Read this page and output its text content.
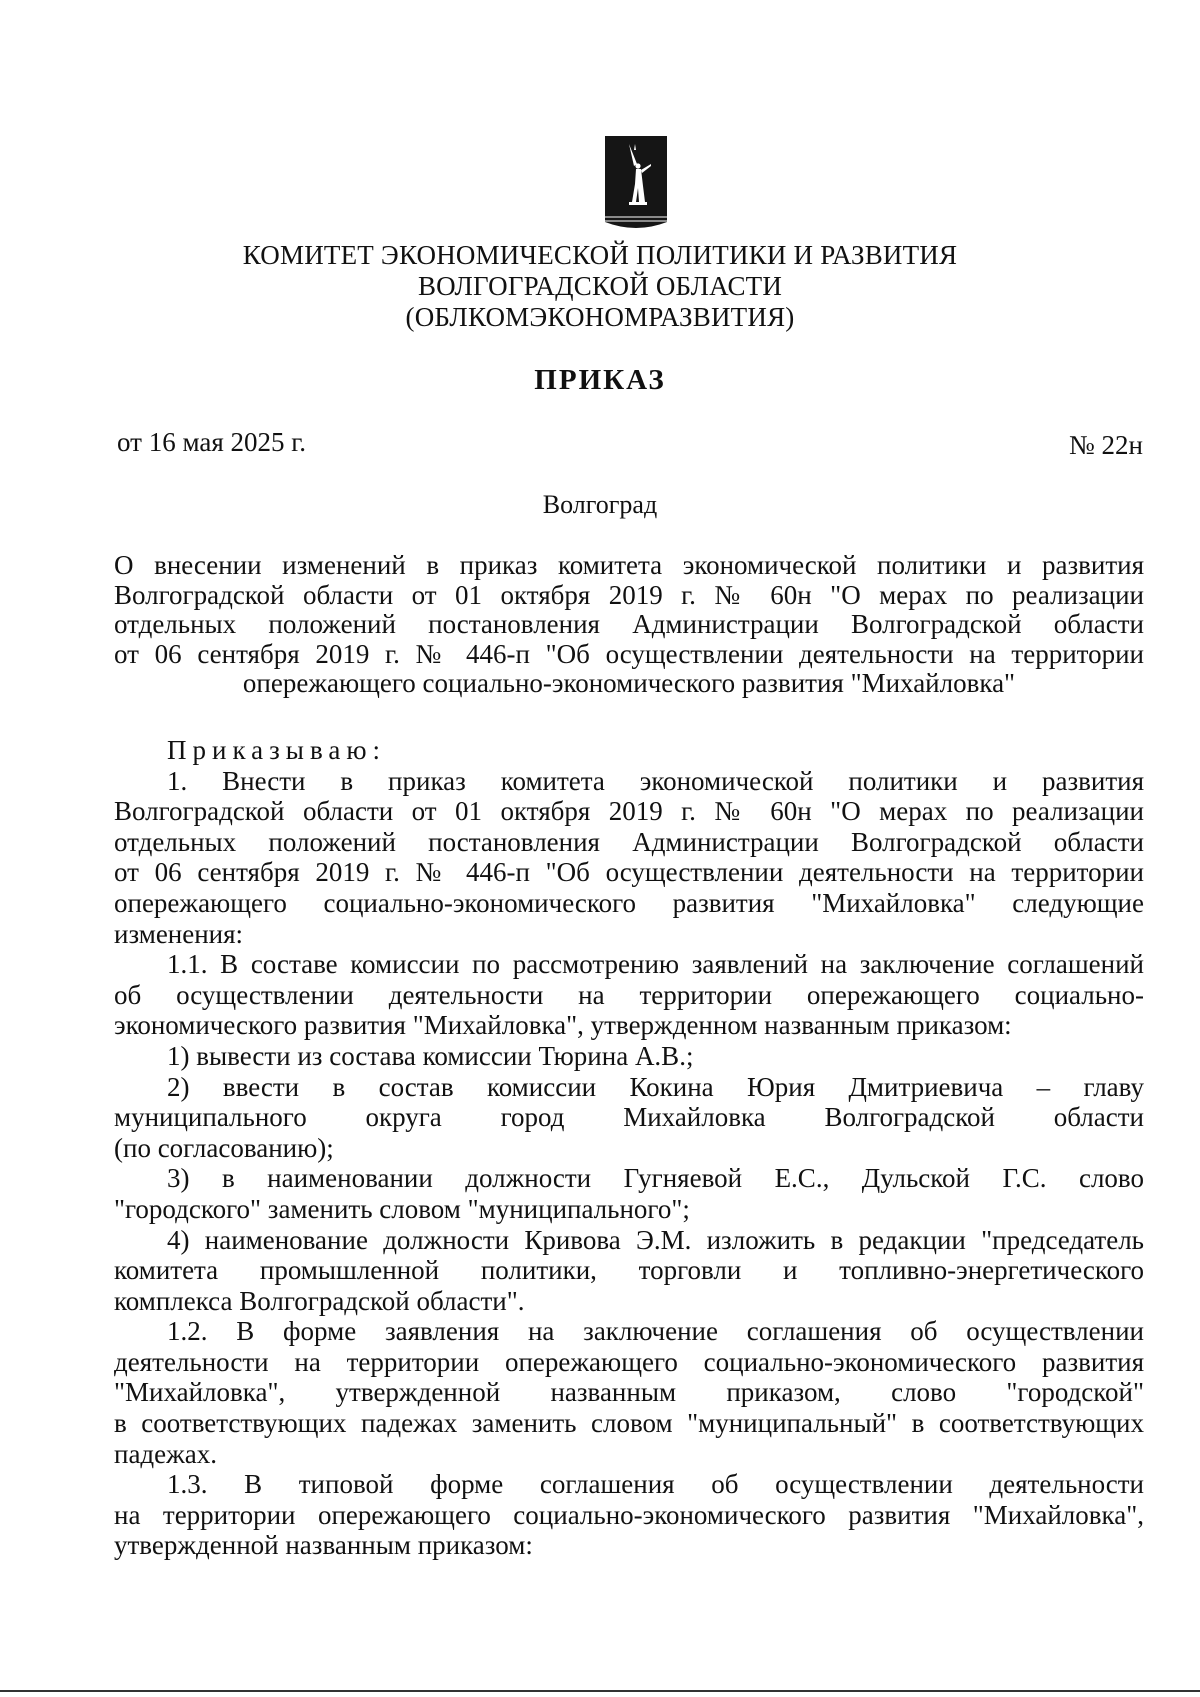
КОМИТЕТ ЭКОНОМИЧЕСКОЙ ПОЛИТИКИ И РАЗВИТИЯ
ВОЛГОГРАДСКОЙ ОБЛАСТИ
(ОБЛКОМЭКОНОМРАЗВИТИЯ)
ПРИКАЗ
от 16 мая 2025 г.	№ 22н
Волгоград
О внесении изменений в приказ комитета экономической политики и развития
Волгоградской области от 01 октября 2019 г. № 60н "О мерах по реализации
отдельных положений постановления Администрации Волгоградской области
от 06 сентября 2019 г. № 446-п "Об осуществлении деятельности на территории
опережающего социально-экономического развития "Михайловка"
Приказываю:
1. Внести в приказ комитета экономической политики и развития
Волгоградской области от 01 октября 2019 г. № 60н "О мерах по реализации
отдельных положений постановления Администрации Волгоградской области
от 06 сентября 2019 г. № 446-п "Об осуществлении деятельности на территории
опережающего социально-экономического развития "Михайловка" следующие
изменения:
1.1. В составе комиссии по рассмотрению заявлений на заключение соглашений
об осуществлении деятельности на территории опережающего социально-
экономического развития "Михайловка", утвержденном названным приказом:
1) вывести из состава комиссии Тюрина А.В.;
2) ввести в состав комиссии Кокина Юрия Дмитриевича – главу
муниципального округа город Михайловка Волгоградской области
(по согласованию);
3) в наименовании должности Гугняевой Е.С., Дульской Г.С. слово
"городского" заменить словом "муниципального";
4) наименование должности Кривова Э.М. изложить в редакции "председатель
комитета промышленной политики, торговли и топливно-энергетического
комплекса Волгоградской области".
1.2. В форме заявления на заключение соглашения об осуществлении
деятельности на территории опережающего социально-экономического развития
"Михайловка", утвержденной названным приказом, слово "городской"
в соответствующих падежах заменить словом "муниципальный" в соответствующих
падежах.
1.3. В типовой форме соглашения об осуществлении деятельности
на территории опережающего социально-экономического развития "Михайловка",
утвержденной названным приказом:
